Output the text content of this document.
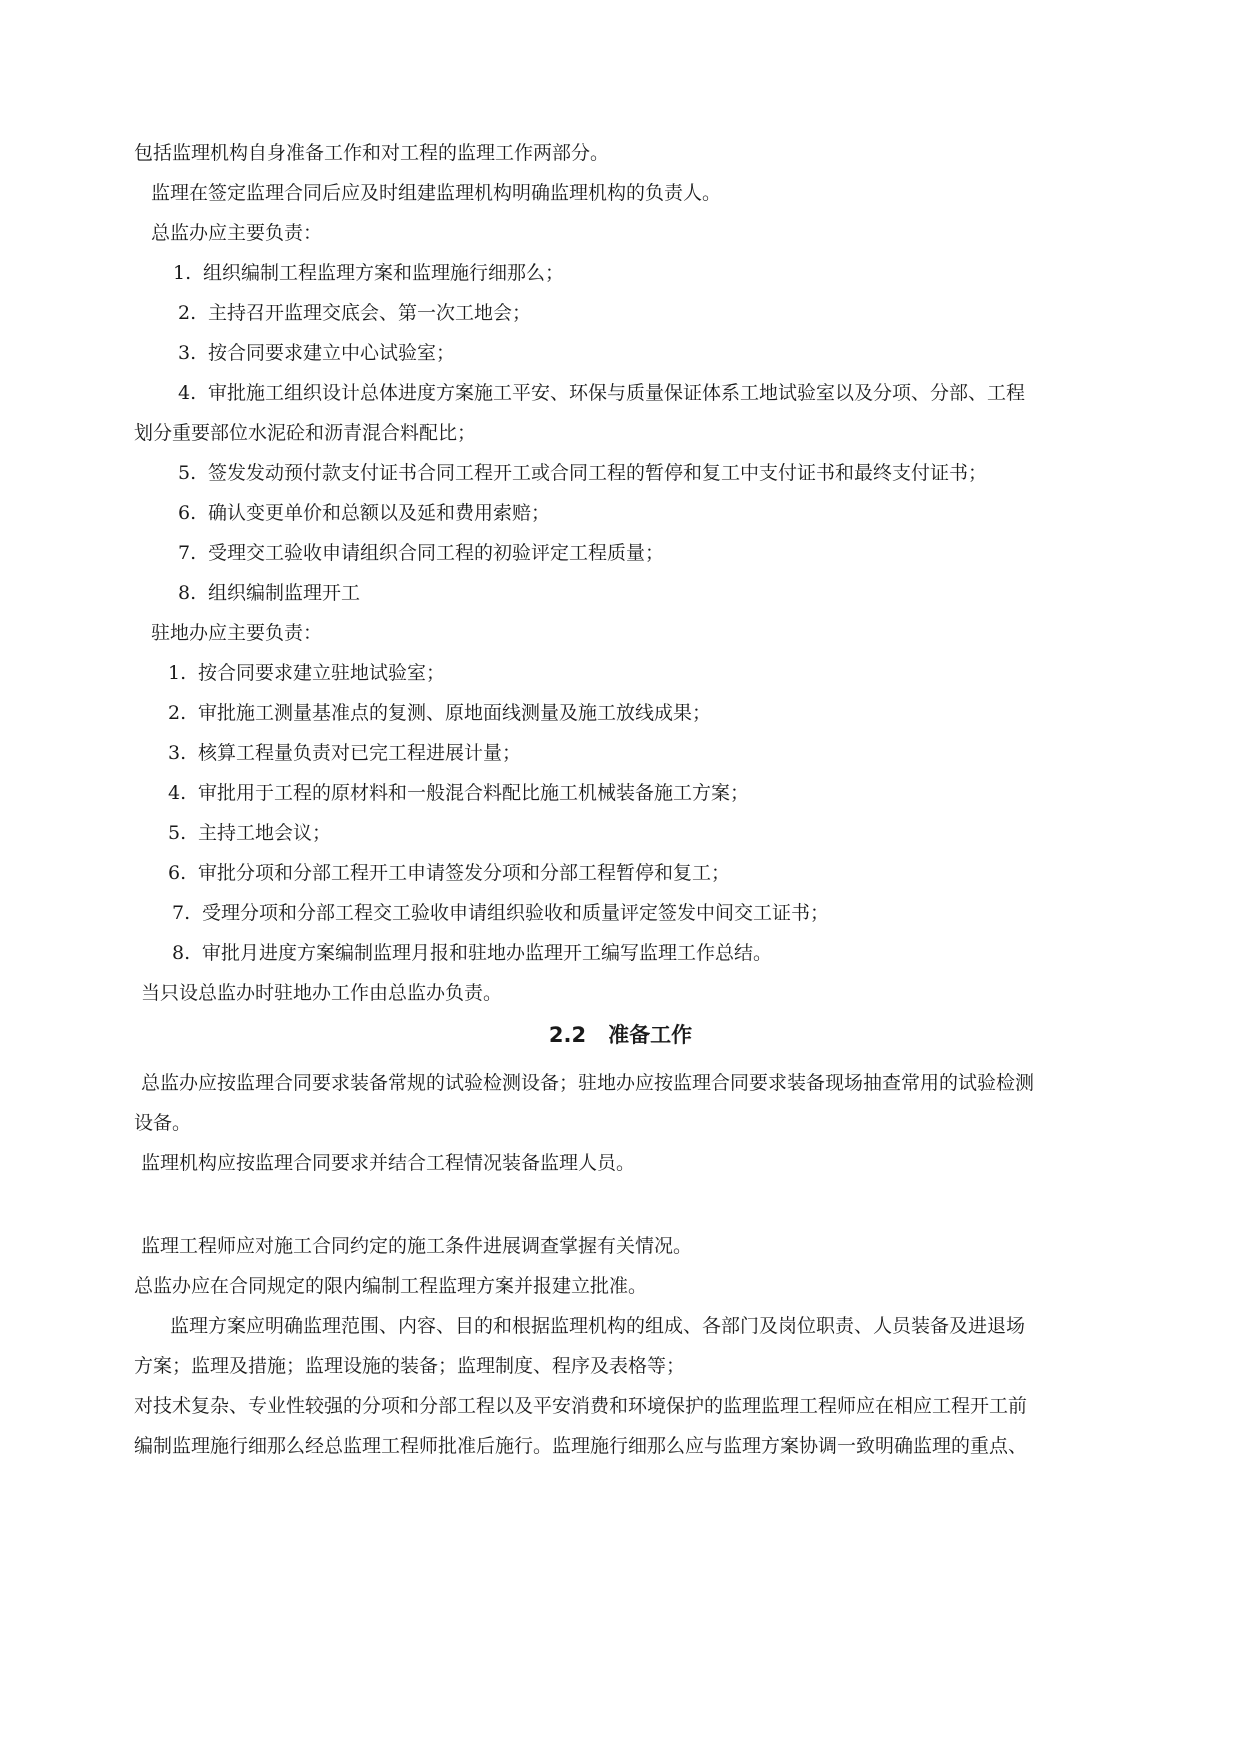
包括监理机构自身准备工作和对工程的监理工作两部分。
监理在签定监理合同后应及时组建监理机构明确监理机构的负责人。
总监办应主要负责：
1. 组织编制工程监理方案和监理施行细那么；
2. 主持召开监理交底会、第一次工地会；
3. 按合同要求建立中心试验室；
4. 审批施工组织设计总体进度方案施工平安、环保与质量保证体系工地试验室以及分项、分部、工程
划分重要部位水泥砼和沥青混合料配比；
5. 签发发动预付款支付证书合同工程开工或合同工程的暂停和复工中支付证书和最终支付证书；
6. 确认变更单价和总额以及延和费用索赔；
7. 受理交工验收申请组织合同工程的初验评定工程质量；
8. 组织编制监理开工
驻地办应主要负责：
1. 按合同要求建立驻地试验室；
2. 审批施工测量基准点的复测、原地面线测量及施工放线成果；
3. 核算工程量负责对已完工程进展计量；
4. 审批用于工程的原材料和一般混合料配比施工机械装备施工方案；
5. 主持工地会议；
6. 审批分项和分部工程开工申请签发分项和分部工程暂停和复工；
7. 受理分项和分部工程交工验收申请组织验收和质量评定签发中间交工证书；
8. 审批月进度方案编制监理月报和驻地办监理开工编写监理工作总结。
当只设总监办时驻地办工作由总监办负责。
2.2 准备工作
总监办应按监理合同要求装备常规的试验检测设备；驻地办应按监理合同要求装备现场抽查常用的试验检测
设备。
监理机构应按监理合同要求并结合工程情况装备监理人员。
监理工程师应对施工合同约定的施工条件进展调查掌握有关情况。
总监办应在合同规定的限内编制工程监理方案并报建立批准。
监理方案应明确监理范围、内容、目的和根据监理机构的组成、各部门及岗位职责、人员装备及进退场
方案；监理及措施；监理设施的装备；监理制度、程序及表格等；
对技术复杂、专业性较强的分项和分部工程以及平安消费和环境保护的监理监理工程师应在相应工程开工前
编制监理施行细那么经总监理工程师批准后施行。监理施行细那么应与监理方案协调一致明确监理的重点、
